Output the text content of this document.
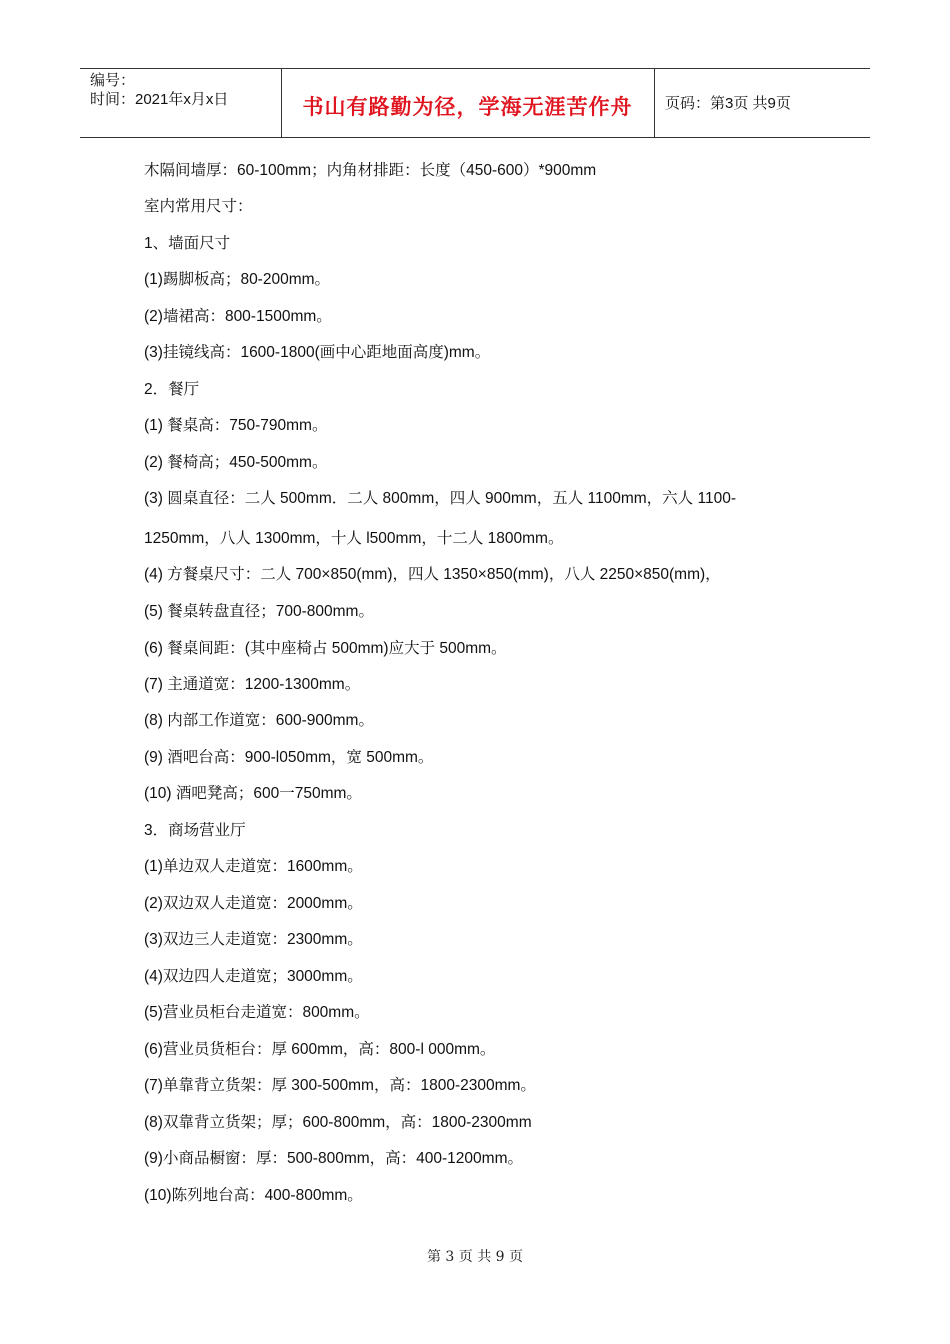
编号：
时间：2021年x月x日	书山有路勤为径，学海无涯苦作舟	页码：第3页 共9页
木隔间墙厚：60-100mm；内角材排距：长度（450-600）*900mm
室内常用尺寸：
1、墙面尺寸
(1)踢脚板高；80-200mm。
(2)墙裙高：800-1500mm。
(3)挂镜线高：1600-1800(画中心距地面高度)mm。
2．餐厅
(1) 餐桌高：750-790mm。
(2) 餐椅高；450-500mm。
(3) 圆桌直径：二人 500mm．二人 800mm，四人 900mm，五人 1100mm，六人 1100-
1250mm，八人 1300mm，十人 l500mm，十二人 1800mm。
(4) 方餐桌尺寸：二人 700×850(mm)，四人 1350×850(mm)，八人 2250×850(mm)，
(5) 餐桌转盘直径；700-800mm。
(6) 餐桌间距：(其中座椅占 500mm)应大于 500mm。
(7) 主通道宽：1200-1300mm。
(8) 内部工作道宽：600-900mm。
(9) 酒吧台高：900-l050mm，宽 500mm。
(10) 酒吧凳高；600一750mm。
3．商场营业厅
(1)单边双人走道宽：1600mm。
(2)双边双人走道宽：2000mm。
(3)双边三人走道宽：2300mm。
(4)双边四人走道宽；3000mm。
(5)营业员柜台走道宽：800mm。
(6)营业员货柜台：厚 600mm，高：800-l 000mm。
(7)单靠背立货架：厚 300-500mm，高：1800-2300mm。
(8)双靠背立货架；厚；600-800mm，高：1800-2300mm
(9)小商品橱窗：厚：500-800mm，高：400-1200mm。
(10)陈列地台高：400-800mm。
第 3 页 共 9 页
